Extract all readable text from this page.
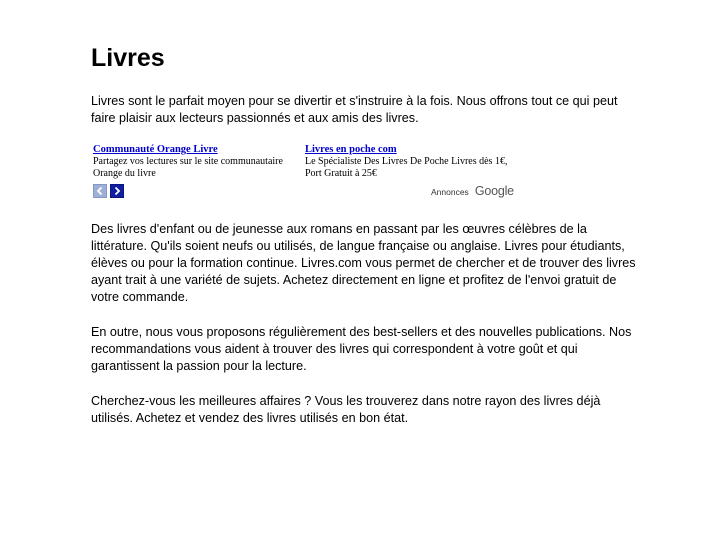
Livres

Livres sont le parfait moyen pour se divertir et s'instruire à la fois. Nous offrons tout ce qui peut faire plaisir aux lecteurs passionnés et aux amis des livres.

Communauté Orange Livre
Partagez vos lectures sur le site communautaire Orange du livre
Livres en poche com
Le Spécialiste Des Livres De Poche Livres dès 1€, Port Gratuit à 25€
Annonces Google

Des livres d'enfant ou de jeunesse aux romans en passant par les œuvres célèbres de la littérature. Qu'ils soient neufs ou utilisés, de langue française ou anglaise. Livres pour étudiants, élèves ou pour la formation continue. Livres.com vous permet de chercher et de trouver des livres ayant trait à une variété de sujets. Achetez directement en ligne et profitez de l'envoi gratuit de votre commande.

En outre, nous vous proposons régulièrement des best-sellers et des nouvelles publications. Nos recommandations vous aident à trouver des livres qui correspondent à votre goût et qui garantissent la passion pour la lecture.

Cherchez-vous les meilleures affaires ? Vous les trouverez dans notre rayon des livres déjà utilisés. Achetez et vendez des livres utilisés en bon état.
